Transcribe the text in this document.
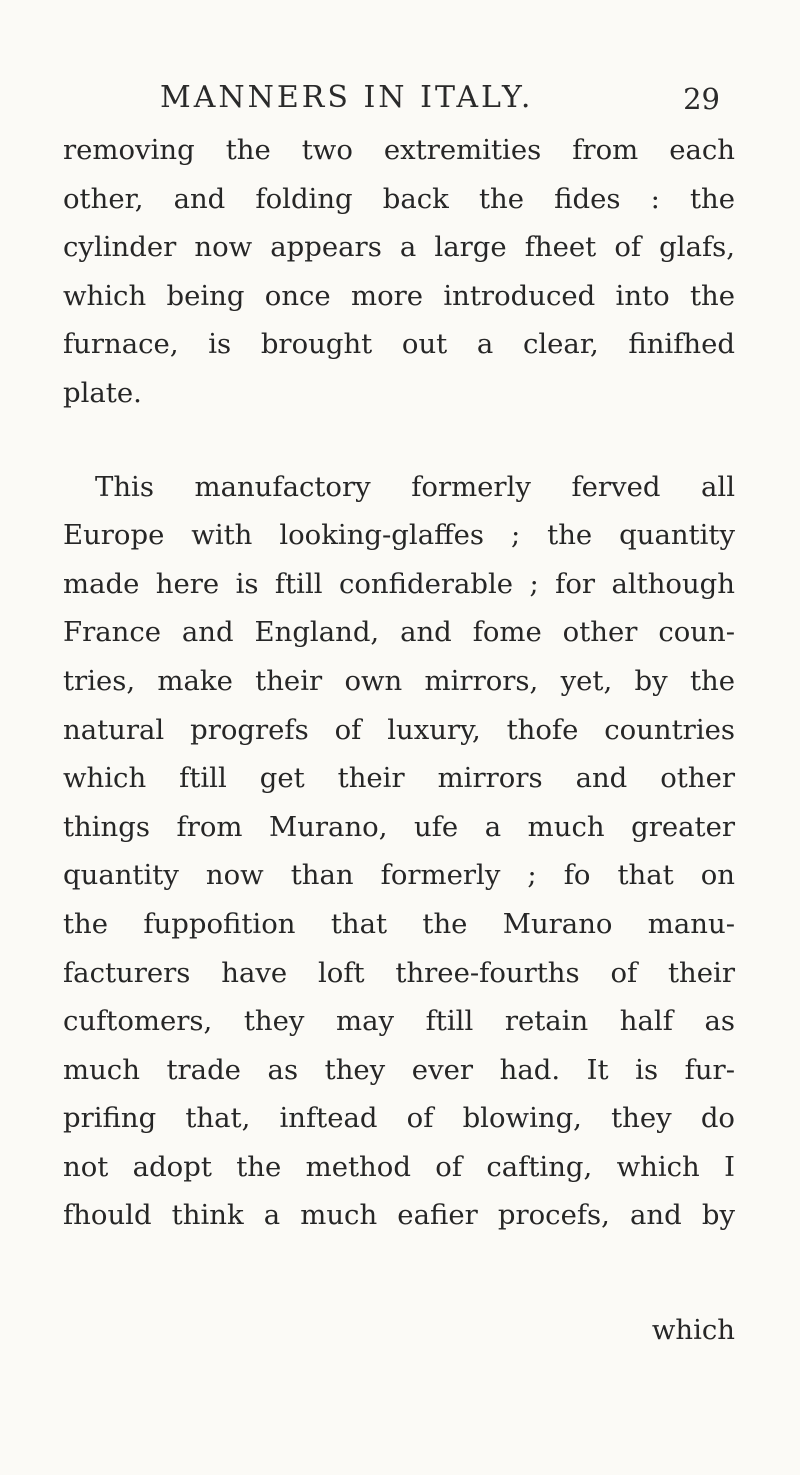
MANNERS IN ITALY.	29
removing the two extremities from each
other, and folding back the fides : the
cylinder now appears a large fheet of glafs,
which being once more introduced into the
furnace, is brought out a clear, finifhed
plate.
This manufactory formerly ferved all
Europe with looking-glaffes ; the quantity
made here is ftill confiderable ; for although
France and England, and fome other coun-
tries, make their own mirrors, yet, by the
natural progrefs of luxury, thofe countries
which ftill get their mirrors and other
things from Murano, ufe a much greater
quantity now than formerly ; fo that on
the fuppofition that the Murano manu-
facturers have loft three-fourths of their
cuftomers, they may ftill retain half as
much trade as they ever had. It is fur-
prifing that, inftead of blowing, they do
not adopt the method of cafting, which I
fhould think a much eafier procefs, and by
which
